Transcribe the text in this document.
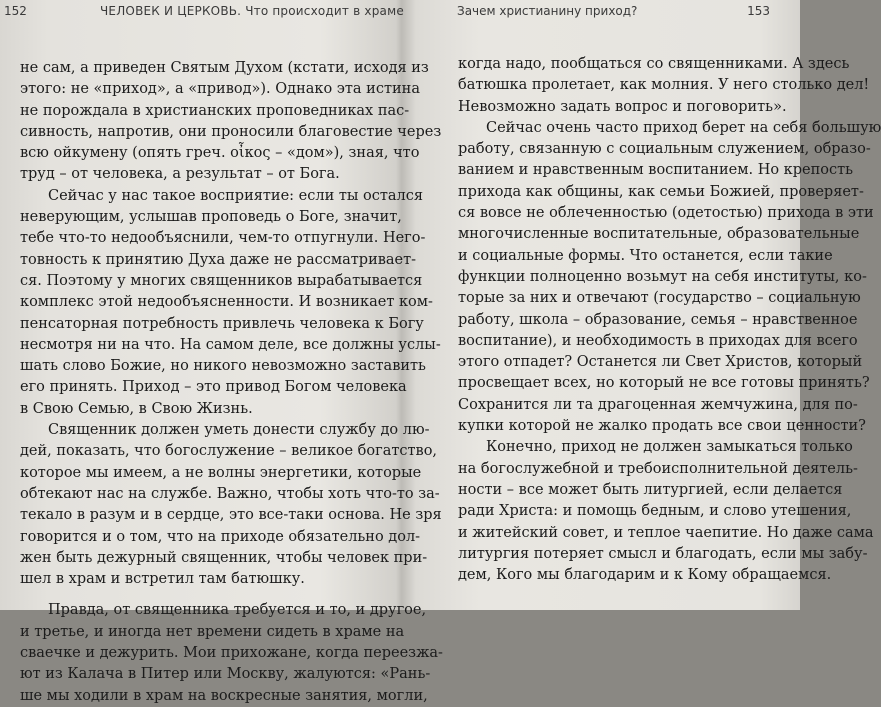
152	ЧЕЛОВЕК И ЦЕРКОВЬ. Что происходит в храме
не сам, а приведен Святым Духом (кстати, исходя из
этого: не «приход», а «привод»). Однако эта истина
не порождала в христианских проповедниках пас-
сивность, напротив, они проносили благовестие через
всю ойкумену (опять греч. οἶκος – «дом»), зная, что
труд – от человека, а результат – от Бога.
Сейчас у нас такое восприятие: если ты остался
неверующим, услышав проповедь о Боге, значит,
тебе что-то недообъяснили, чем-то отпугнули. Негo-
товность к принятию Духа даже не рассматривает-
ся. Поэтому у многих священников вырабатывается
комплекс этой недообъясненности. И возникает ком-
пенсаторная потребность привлечь человека к Богу
несмотря ни на что. На самом деле, все должны услы-
шать слово Божие, но никого невозможно заставить
его принять. Приход – это привод Богом человека
в Свою Семью, в Свою Жизнь.
Священник должен уметь донести службу до лю-
дей, показать, что богослужение – великое богатство,
которое мы имеем, а не волны энергетики, которые
обтекают нас на службе. Важно, чтобы хоть что-то за-
текало в разум и в сердце, это все-таки основа. Не зря
говорится и о том, что на приходе обязательно дол-
жен быть дежурный священник, чтобы человек при-
шел в храм и встретил там батюшку.
Правда, от священника требуется и то, и другое,
и третье, и иногда нет времени сидеть в храме на
сваечке и дежурить. Мои прихожане, когда переезжа-
ют из Калача в Питер или Москву, жалуются: «Рань-
ше мы ходили в храм на воскресные занятия, могли,
Зачем христианину приход?	153
когда надо, пообщаться со священниками. А здесь
батюшка пролетает, как молния. У него столько дел!
Невозможно задать вопрос и поговорить».
Сейчас очень часто приход берет на себя большую
работу, связанную с социальным служением, образо-
ванием и нравственным воспитанием. Но крепость
прихода как общины, как семьи Божией, проверяет-
ся вовсе не облеченностью (одетостью) прихода в эти
многочисленные воспитательные, образовательные
и социальные формы. Что останется, если такие
функции полноценно возьмут на себя институты, ко-
торые за них и отвечают (государство – социальную
работу, школа – образование, семья – нравственное
воспитание), и необходимость в приходах для всего
этого отпадет? Останется ли Свет Христов, который
просвещает всех, но который не все готовы принять?
Сохранится ли та драгоценная жемчужина, для по-
купки которой не жалко продать все свои ценности?
Конечно, приход не должен замыкаться только
на богослужебной и требоисполнительной деятель-
ности – все может быть литургией, если делается
ради Христа: и помощь бедным, и слово утешения,
и житейский совет, и теплое чаепитие. Но даже сама
литургия потеряет смысл и благодать, если мы забу-
дем, Кого мы благодарим и к Кому обращаемся.
